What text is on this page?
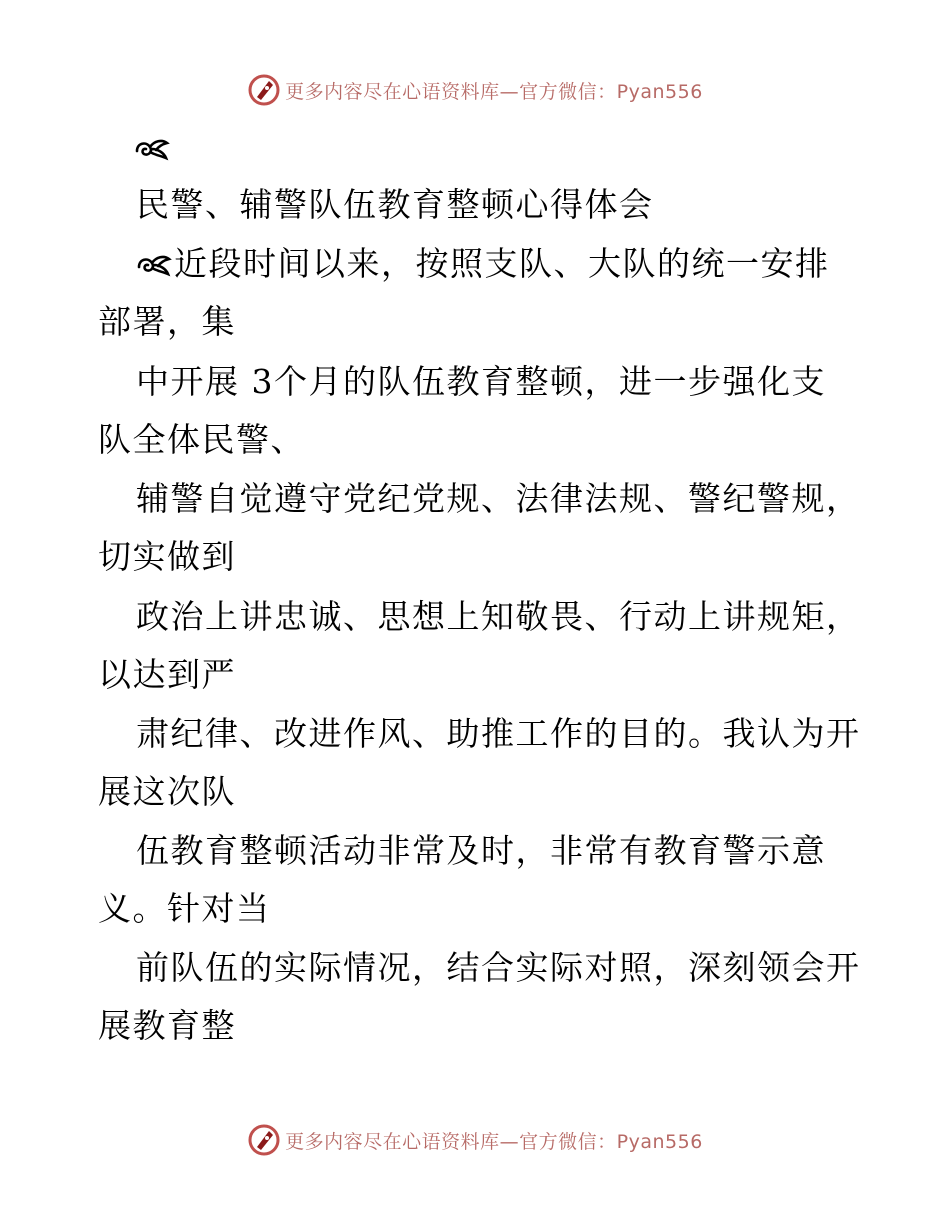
更多内容尽在心语资料库—官方微信：Pyan556
民警、辅警队伍教育整顿心得体会
近段时间以来，按照支队、大队的统一安排
部署，集
中开展 3个月的队伍教育整顿，进一步强化支
队全体民警、
辅警自觉遵守党纪党规、法律法规、警纪警规，
切实做到
政治上讲忠诚、思想上知敬畏、行动上讲规矩，
以达到严
肃纪律、改进作风、助推工作的目的。我认为开
展这次队
伍教育整顿活动非常及时，非常有教育警示意
义。针对当
前队伍的实际情况，结合实际对照，深刻领会开
展教育整
更多内容尽在心语资料库—官方微信：Pyan556
